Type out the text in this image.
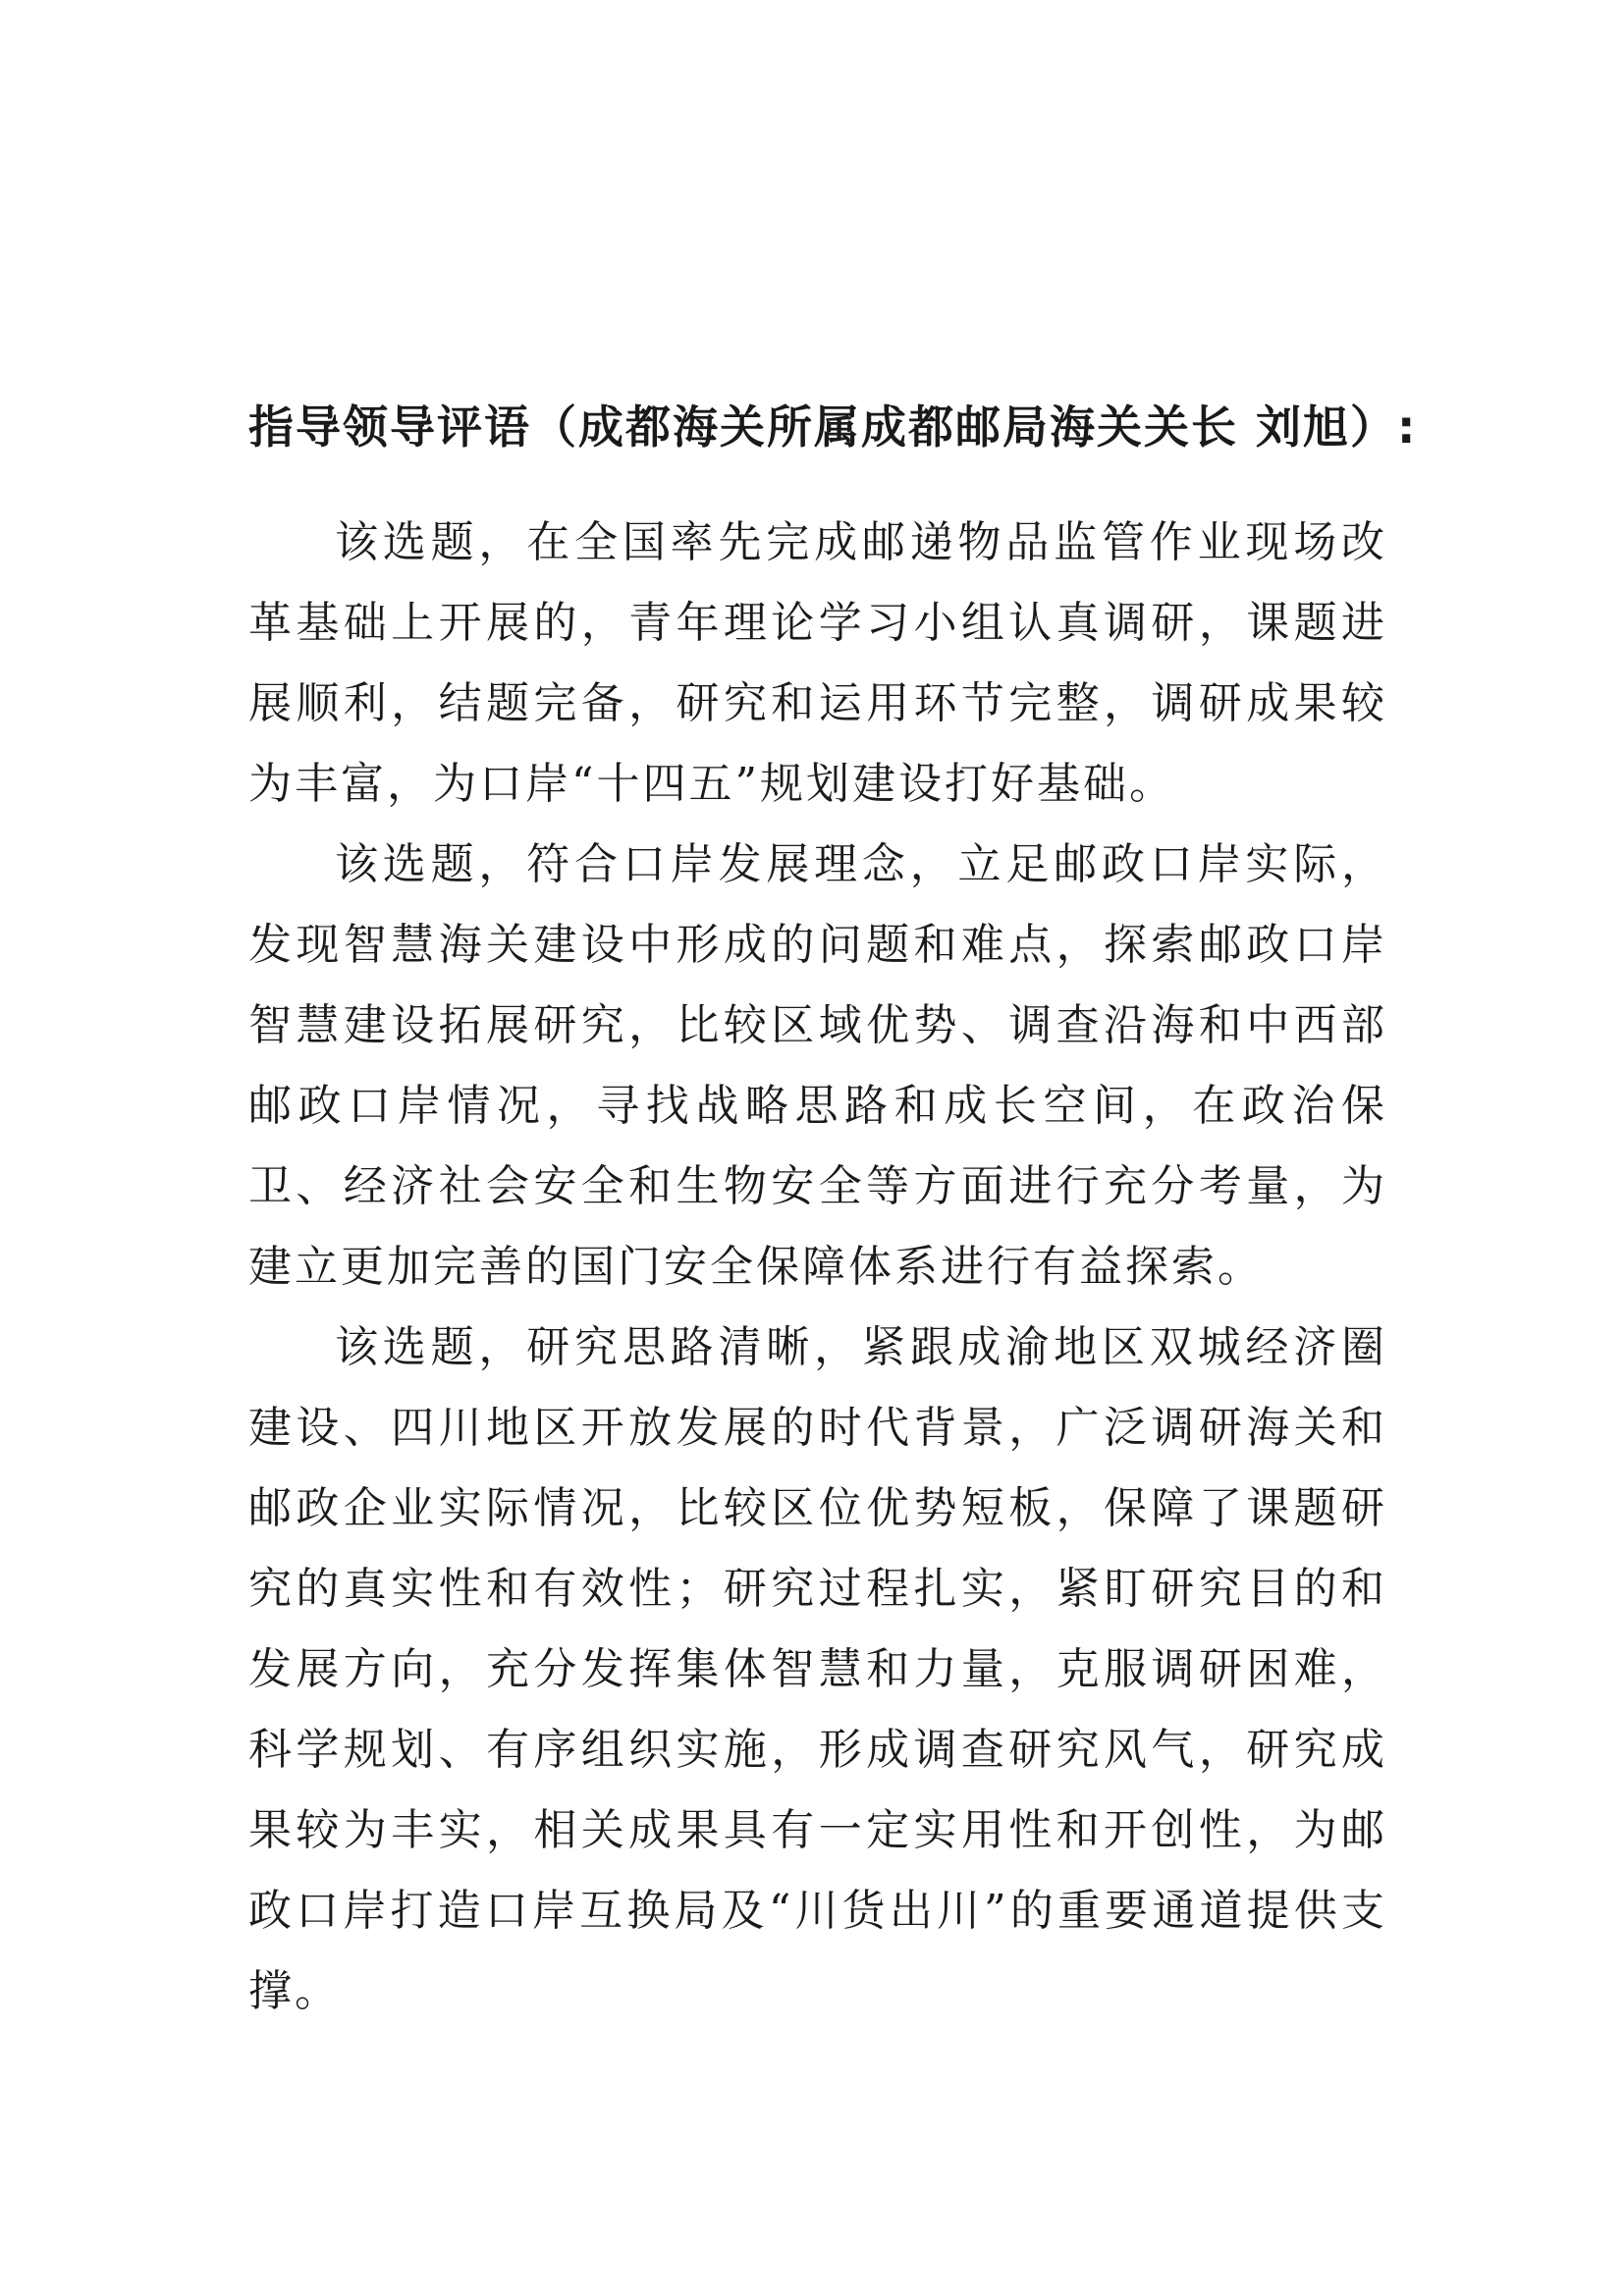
指导领导评语（成都海关所属成都邮局海关关长 刘旭）:

该选题，在全国率先完成邮递物品监管作业现场改革基础上开展的，青年理论学习小组认真调研，课题进展顺利，结题完备，研究和运用环节完整，调研成果较为丰富，为口岸“十四五”规划建设打好基础。

该选题，符合口岸发展理念，立足邮政口岸实际，发现智慧海关建设中形成的问题和难点，探索邮政口岸智慧建设拓展研究，比较区域优势、调查沿海和中西部邮政口岸情况，寻找战略思路和成长空间，在政治保卫、经济社会安全和生物安全等方面进行充分考量，为建立更加完善的国门安全保障体系进行有益探索。

该选题，研究思路清晰，紧跟成渝地区双城经济圈建设、四川地区开放发展的时代背景，广泛调研海关和邮政企业实际情况，比较区位优势短板，保障了课题研究的真实性和有效性；研究过程扎实，紧盯研究目的和发展方向，充分发挥集体智慧和力量，克服调研困难，科学规划、有序组织实施，形成调查研究风气，研究成果较为丰实，相关成果具有一定实用性和开创性，为邮政口岸打造口岸互换局及“川货出川”的重要通道提供支撑。
